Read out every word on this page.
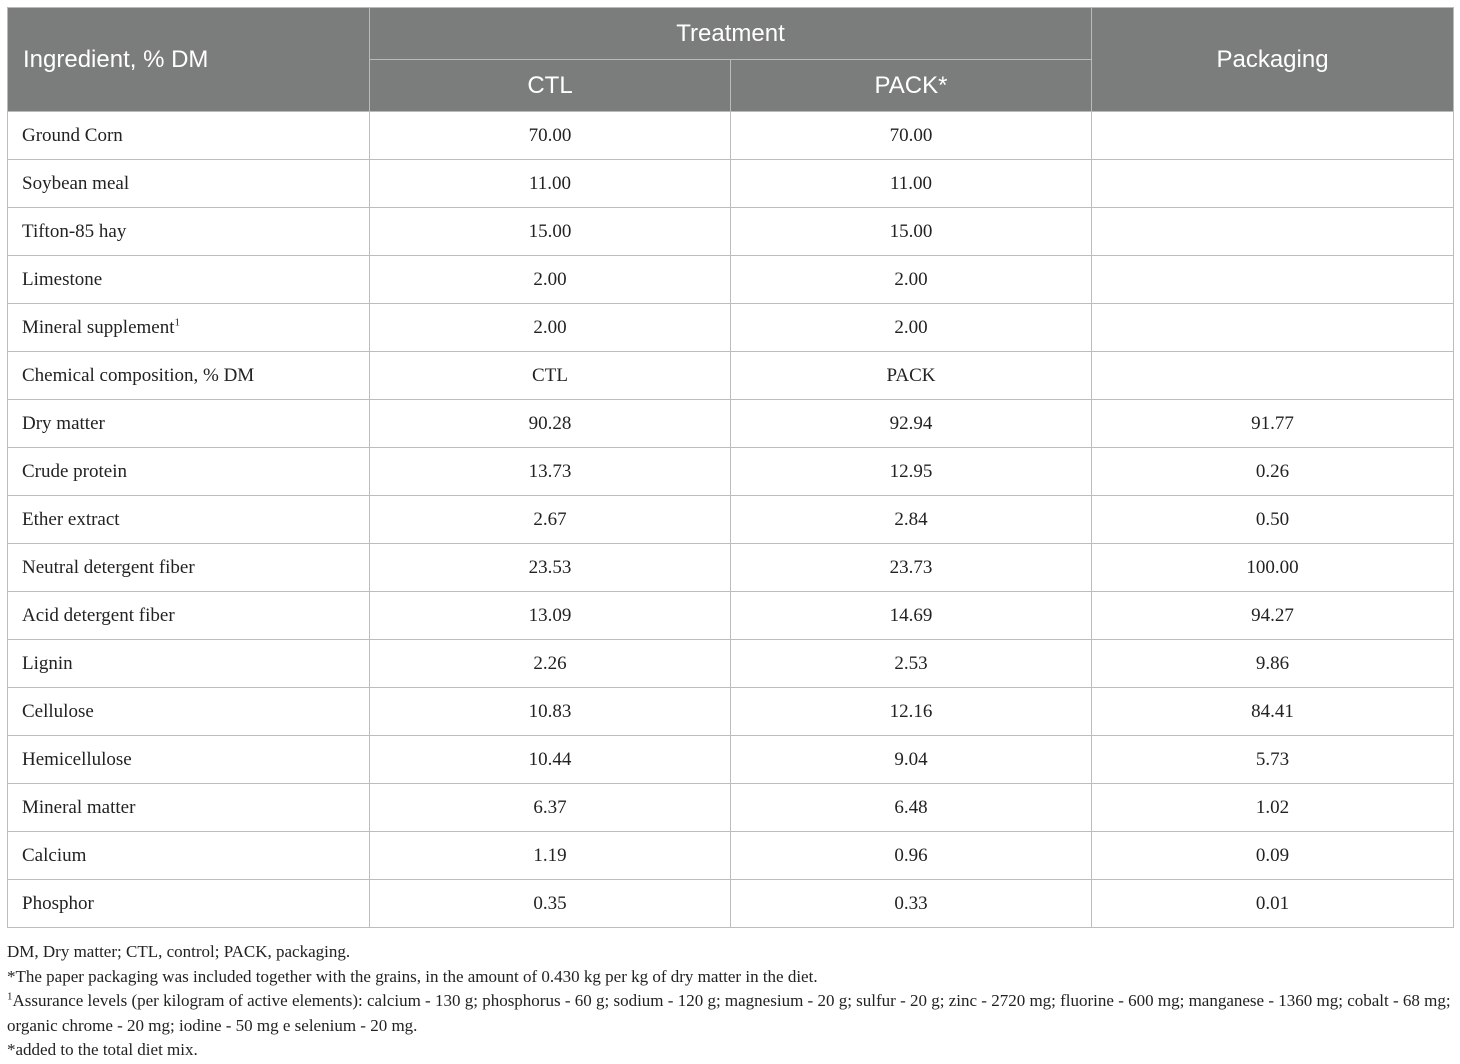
Ingredient, % DM	Treatment		Packaging
	CTL	PACK*	
Ground Corn	70.00	70.00	
Soybean meal	11.00	11.00	
Tifton-85 hay	15.00	15.00	
Limestone	2.00	2.00	
Mineral supplement$^1$	2.00	2.00	
Chemical composition, % DM	CTL	PACK	
Dry matter	90.28	92.94	91.77
Crude protein	13.73	12.95	0.26
Ether extract	2.67	2.84	0.50
Neutral detergent fiber	23.53	23.73	100.00
Acid detergent fiber	13.09	14.69	94.27
Lignin	2.26	2.53	9.86
Cellulose	10.83	12.16	84.41
Hemicellulose	10.44	9.04	5.73
Mineral matter	6.37	6.48	1.02
Calcium	1.19	0.96	0.09
Phosphor	0.35	0.33	0.01

DM, Dry matter; CTL, control; PACK, packaging.

*The paper packaging was included together with the grains, in the amount of 0.430 kg per kg of dry matter in the diet.

$^1$Assurance levels (per kilogram of active elements): calcium - 130 g; phosphorus - 60 g; sodium - 120 g; magnesium - 20 g; sulfur - 20 g; zinc - 2720 mg; fluorine - 600 mg; manganese - 1360 mg; cobalt - 68 mg; organic chrome - 20 mg; iodine - 50 mg e selenium - 20 mg.

*added to the total diet mix.
